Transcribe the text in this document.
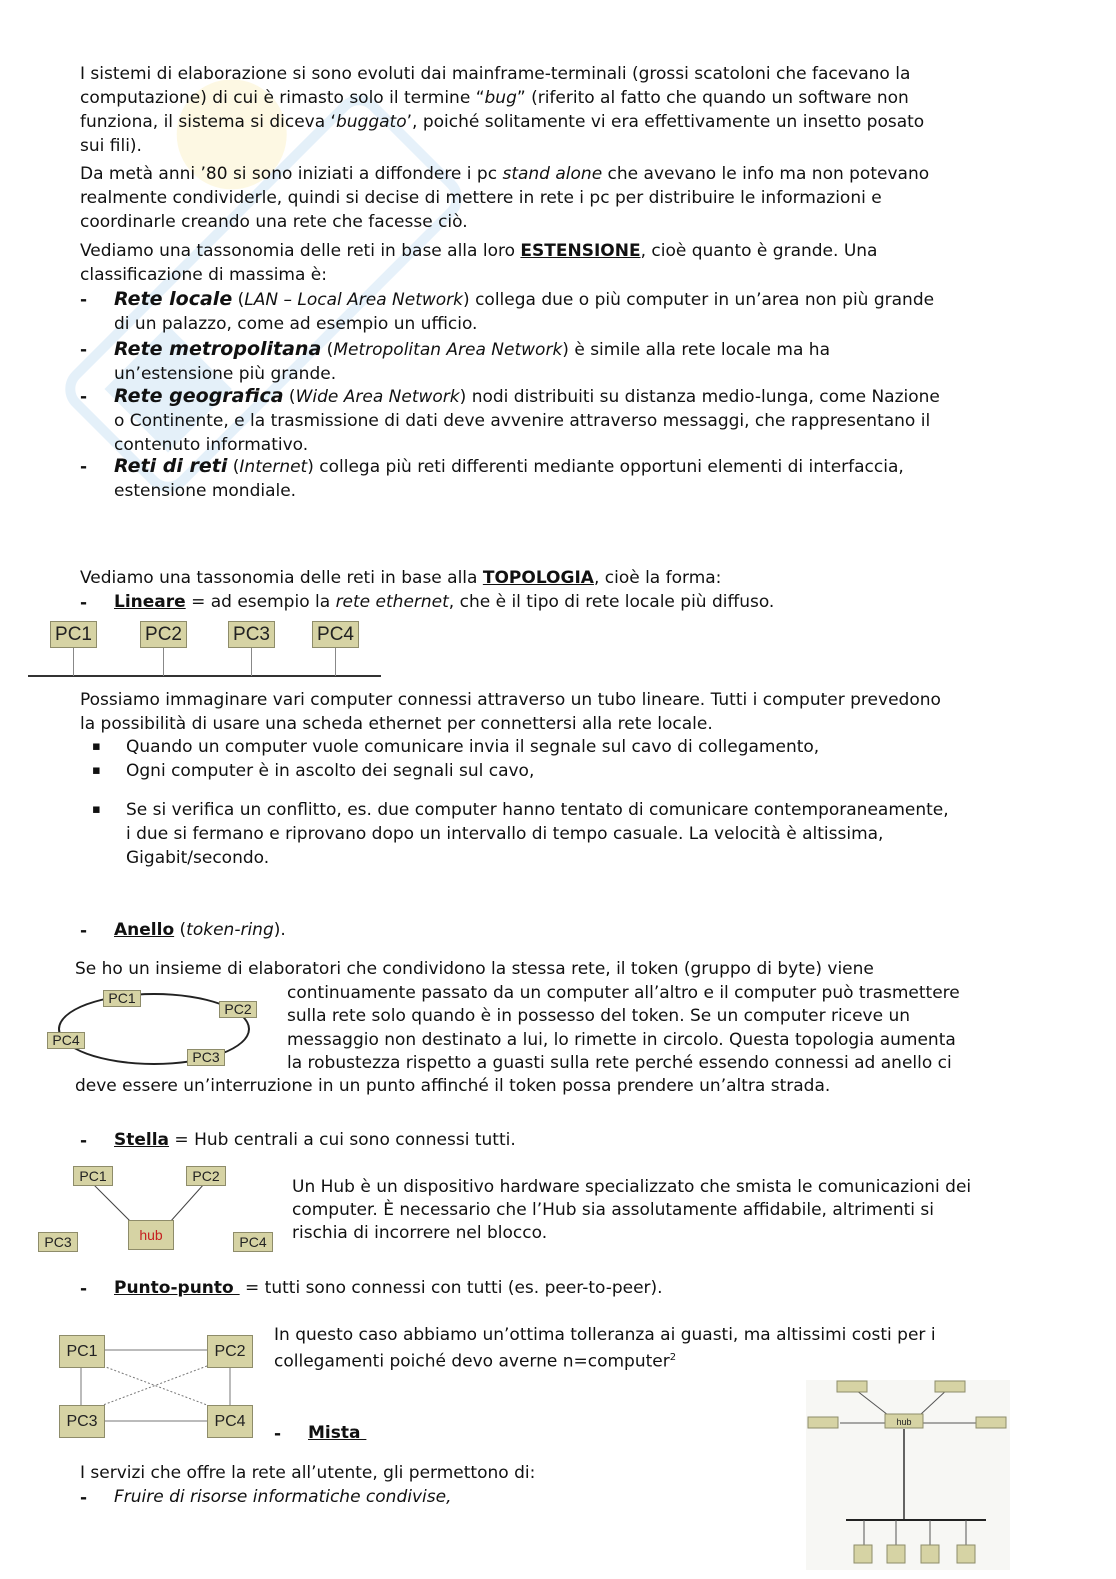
I sistemi di elaborazione si sono evoluti dai mainframe-terminali (grossi scatoloni che facevano la
computazione) di cui è rimasto solo il termine “bug” (riferito al fatto che quando un software non
funziona, il sistema si diceva ‘buggato’, poiché solitamente vi era effettivamente un insetto posato
sui fili).
Da metà anni ’80 si sono iniziati a diffondere i pc stand alone che avevano le info ma non potevano
realmente condividerle, quindi si decise di mettere in rete i pc per distribuire le informazioni e
coordinarle creando una rete che facesse ciò.
Vediamo una tassonomia delle reti in base alla loro ESTENSIONE, cioè quanto è grande. Una
classificazione di massima è:
- Rete locale (LAN – Local Area Network) collega due o più computer in un’area non più grande
di un palazzo, come ad esempio un ufficio.
- Rete metropolitana (Metropolitan Area Network) è simile alla rete locale ma ha
un’estensione più grande.
- Rete geografica (Wide Area Network) nodi distribuiti su distanza medio-lunga, come Nazione
o Continente, e la trasmissione di dati deve avvenire attraverso messaggi, che rappresentano il
contenuto informativo.
- Reti di reti (Internet) collega più reti differenti mediante opportuni elementi di interfaccia,
estensione mondiale.
Vediamo una tassonomia delle reti in base alla TOPOLOGIA, cioè la forma:
- Lineare = ad esempio la rete ethernet, che è il tipo di rete locale più diffuso.
PC1	PC2	PC3 PC4
Possiamo immaginare vari computer connessi attraverso un tubo lineare. Tutti i computer prevedono
la possibilità di usare una scheda ethernet per connettersi alla rete locale.
▪ Quando un computer vuole comunicare invia il segnale sul cavo di collegamento,
▪ Ogni computer è in ascolto dei segnali sul cavo,
▪ Se si verifica un conflitto, es. due computer hanno tentato di comunicare contemporaneamente,
i due si fermano e riprovano dopo un intervallo di tempo casuale. La velocità è altissima,
Gigabit/secondo.
- Anello (token-ring).
Se ho un insieme di elaboratori che condividono la stessa rete, il token (gruppo di byte) viene
continuamente passato da un computer all’altro e il computer può trasmettere
sulla rete solo quando è in possesso del token. Se un computer riceve un
messaggio non destinato a lui, lo rimette in circolo. Questa topologia aumenta
la robustezza rispetto a guasti sulla rete perché essendo connessi ad anello ci
deve essere un’interruzione in un punto affinché il token possa prendere un’altra strada.
PC1
PC2
PC3
PC4
- Stella = Hub centrali a cui sono connessi tutti.
PC1	PC2
PC3	PC4
hub
Un Hub è un dispositivo hardware specializzato che smista le comunicazioni dei
computer. È necessario che l’Hub sia assolutamente affidabile, altrimenti si
rischia di incorrere nel blocco.
- Punto-punto  = tutti sono connessi con tutti (es. peer-to-peer).
PC1	PC2
PC3	PC4
In questo caso abbiamo un’ottima tolleranza ai guasti, ma altissimi costi per i
collegamenti poiché devo averne n=computer$^2$
- Mista
hub
I servizi che offre la rete all’utente, gli permettono di:
- Fruire di risorse informatiche condivise,
